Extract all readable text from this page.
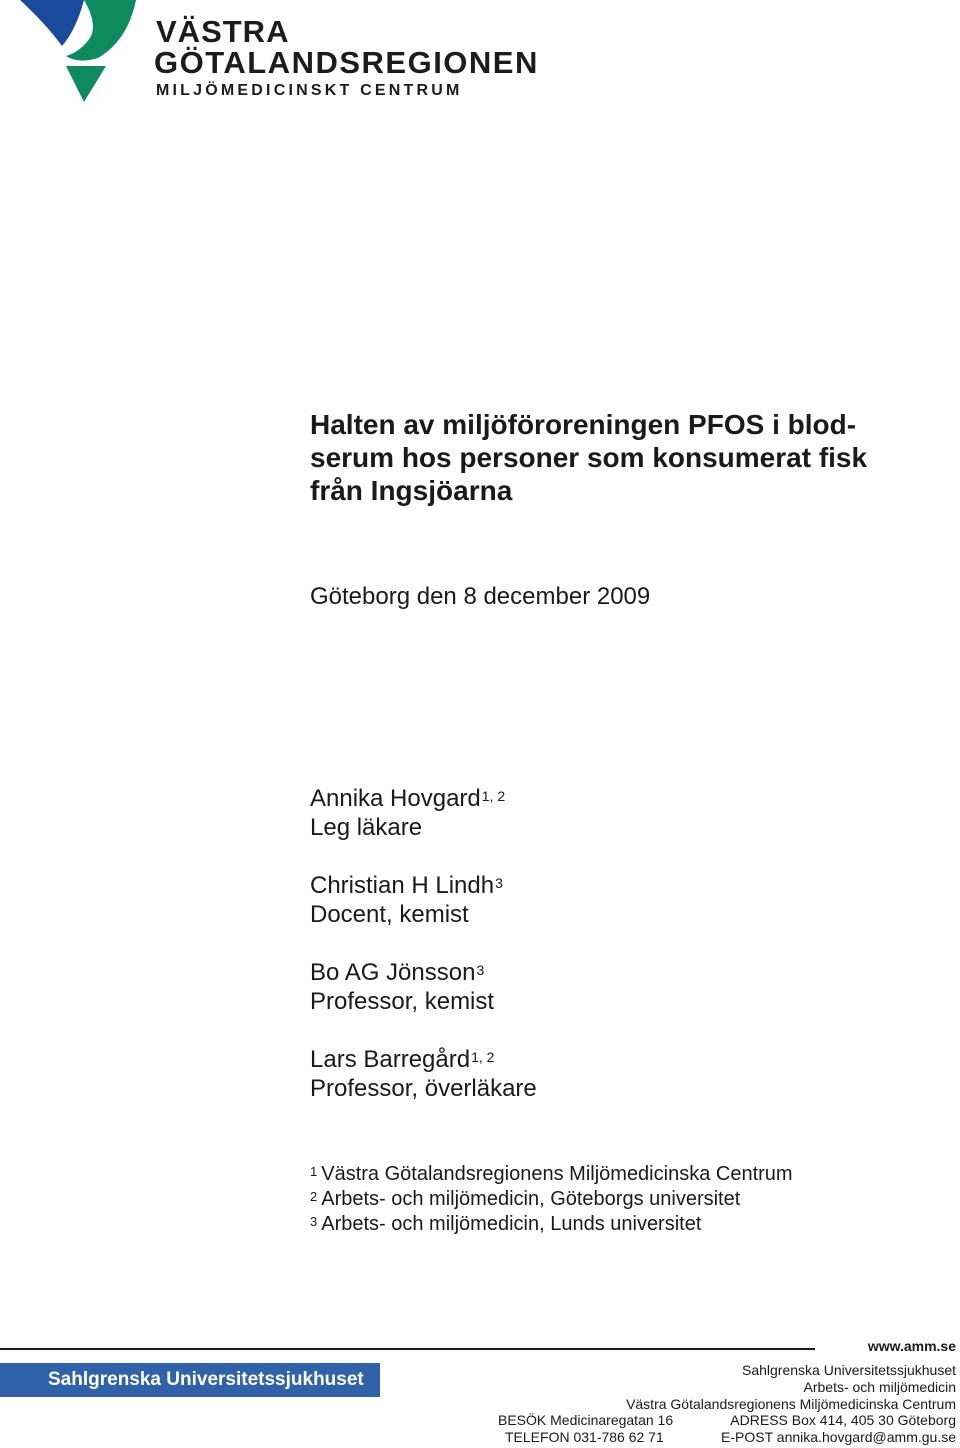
VÄSTRA
GÖTALANDSREGIONEN
MILJÖMEDICINSKT CENTRUM
Halten av miljöföroreningen PFOS i blod-
serum hos personer som konsumerat fisk
från Ingsjöarna
Göteborg den 8 december 2009
Annika Hovgard$^{1, 2}$
Leg läkare
Christian H Lindh$^3$
Docent, kemist
Bo AG Jönsson$^3$
Professor, kemist
Lars Barregård$^{1, 2}$
Professor, överläkare
$^1$ Västra Götalandsregionens Miljömedicinska Centrum
$^2$ Arbets- och miljömedicin, Göteborgs universitet
$^3$ Arbets- och miljömedicin, Lunds universitet
www.amm.se
Sahlgrenska Universitetssjukhuset	Sahlgrenska Universitetssjukhuset
Arbets- och miljömedicin
Västra Götalandsregionens Miljömedicinska Centrum
BESÖK Medicinaregatan 16	ADRESS Box 414, 405 30 Göteborg
TELEFON 031-786 62 71	E-POST annika.hovgard@amm.gu.se
